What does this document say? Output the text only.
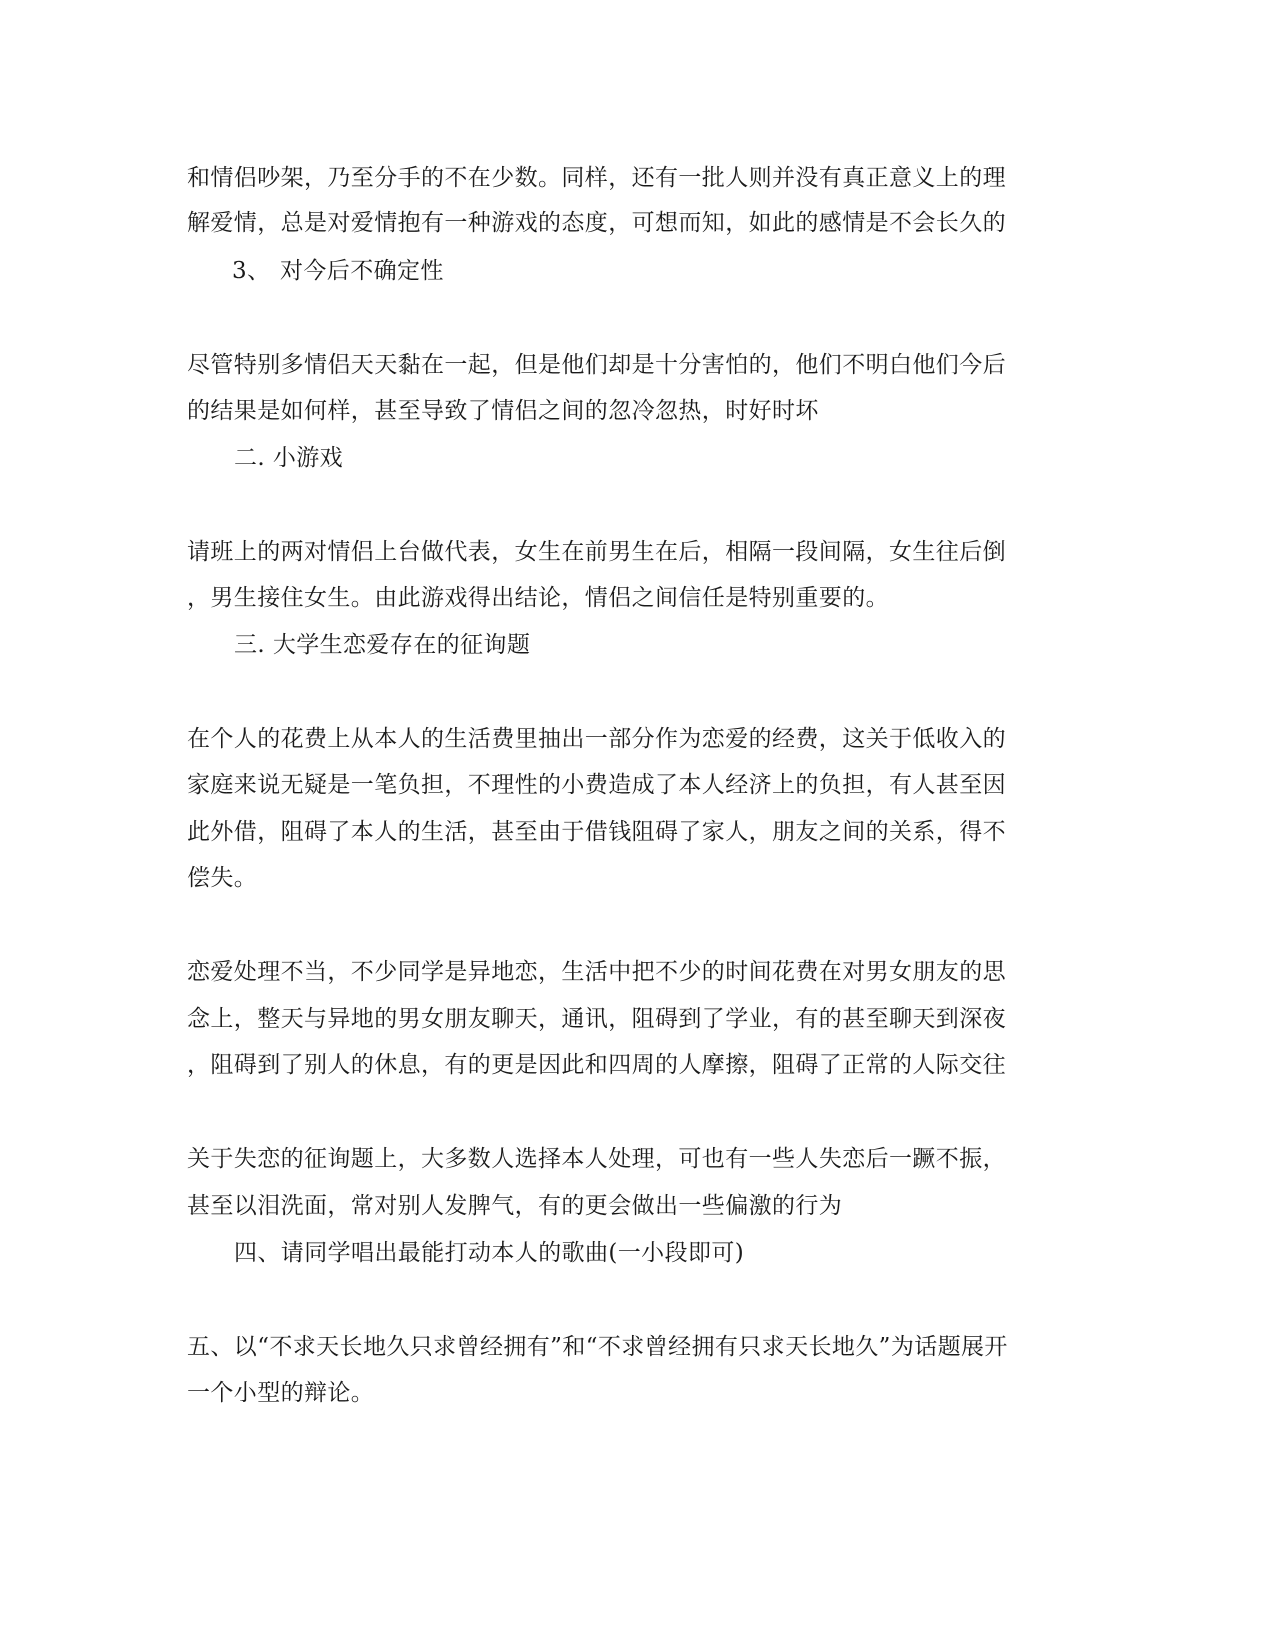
和情侣吵架，乃至分手的不在少数。同样，还有一批人则并没有真正意义上的理
解爱情，总是对爱情抱有一种游戏的态度，可想而知，如此的感情是不会长久的
3、 对今后不确定性
尽管特别多情侣天天黏在一起，但是他们却是十分害怕的，他们不明白他们今后
的结果是如何样，甚至导致了情侣之间的忽冷忽热，时好时坏
二. 小游戏
请班上的两对情侣上台做代表，女生在前男生在后，相隔一段间隔，女生往后倒
，男生接住女生。由此游戏得出结论，情侣之间信任是特别重要的。
三. 大学生恋爱存在的征询题
在个人的花费上从本人的生活费里抽出一部分作为恋爱的经费，这关于低收入的
家庭来说无疑是一笔负担，不理性的小费造成了本人经济上的负担，有人甚至因
此外借，阻碍了本人的生活，甚至由于借钱阻碍了家人，朋友之间的关系，得不
偿失。
恋爱处理不当，不少同学是异地恋，生活中把不少的时间花费在对男女朋友的思
念上，整天与异地的男女朋友聊天，通讯，阻碍到了学业，有的甚至聊天到深夜
，阻碍到了别人的休息，有的更是因此和四周的人摩擦，阻碍了正常的人际交往
关于失恋的征询题上，大多数人选择本人处理，可也有一些人失恋后一蹶不振，
甚至以泪洗面，常对别人发脾气，有的更会做出一些偏激的行为
四、请同学唱出最能打动本人的歌曲(一小段即可)
五、以“不求天长地久只求曾经拥有”和“不求曾经拥有只求天长地久”为话题展开
一个小型的辩论。
